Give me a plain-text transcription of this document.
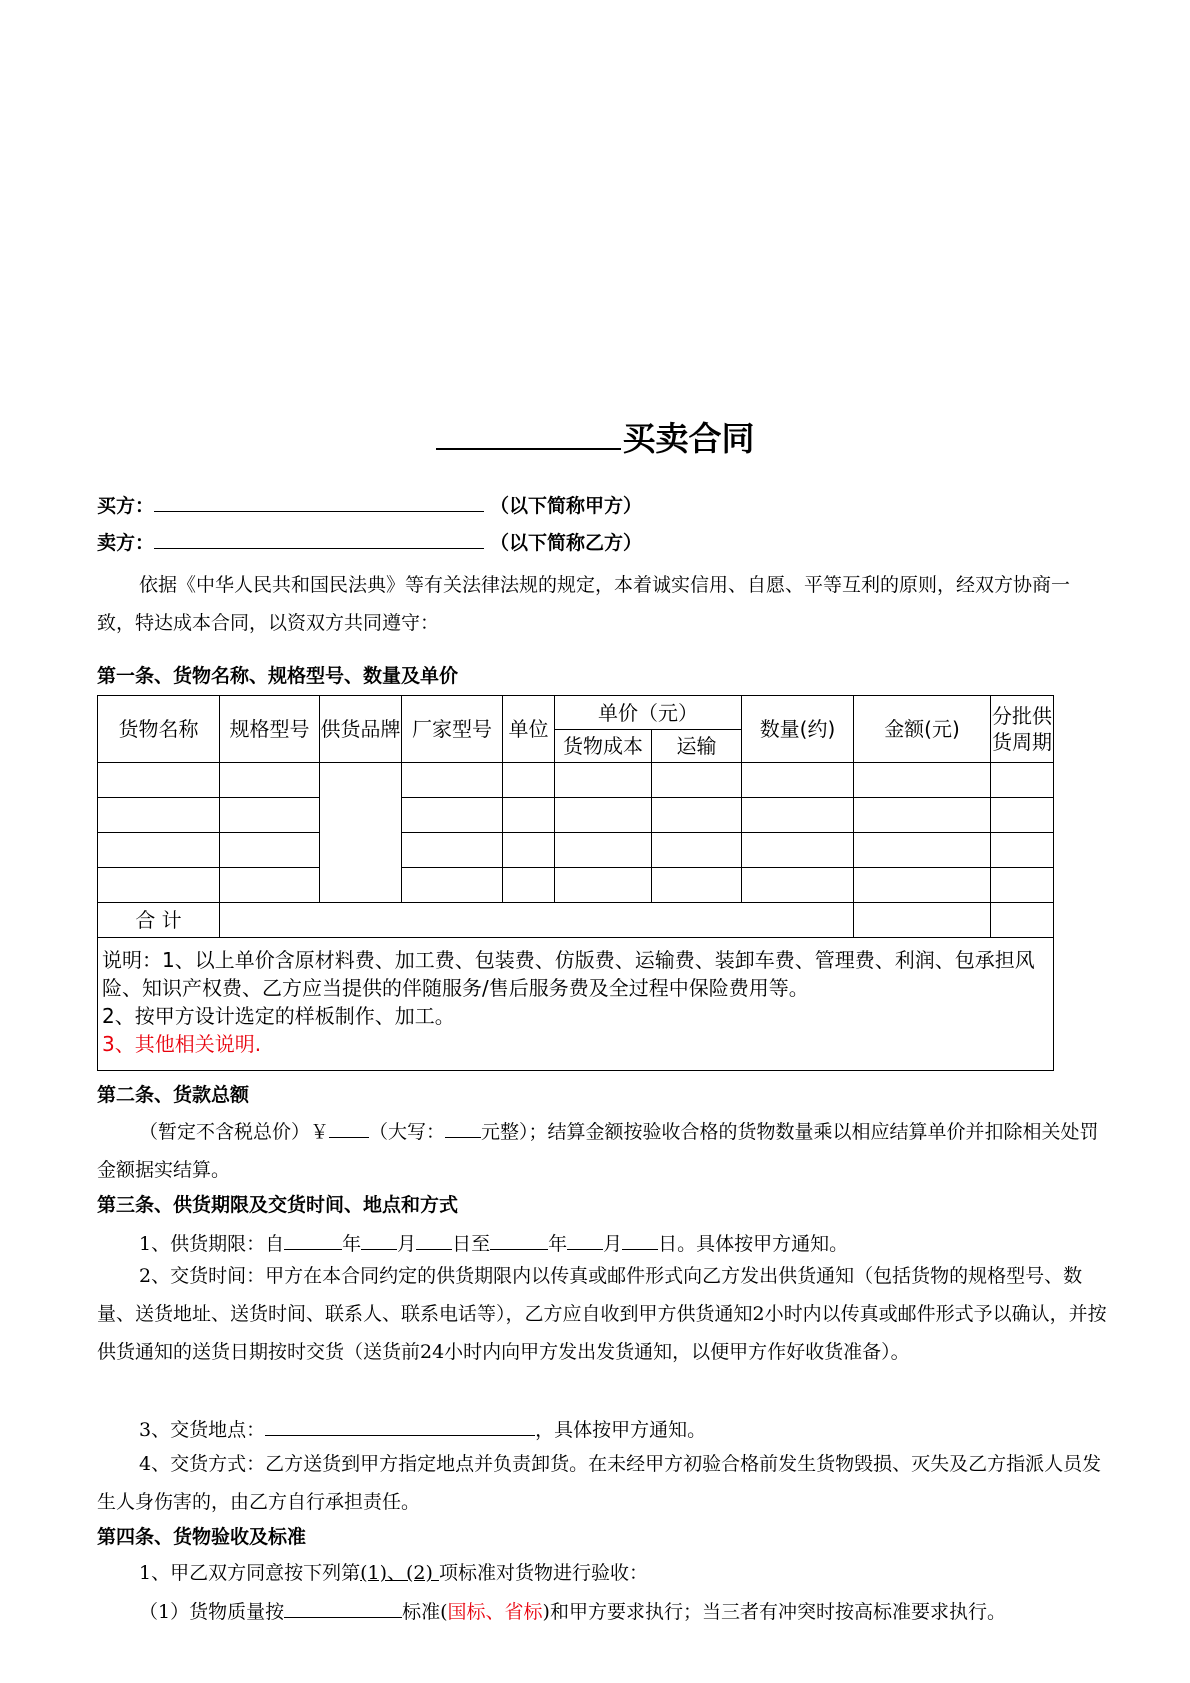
买卖合同
买方：	（以下简称甲方）
卖方：	（以下简称乙方）
依据《中华人民共和国民法典》等有关法律法规的规定，本着诚实信用、自愿、平等互利的原则，经双方协商一致，特达成本合同，以资双方共同遵守：
第一条、货物名称、规格型号、数量及单价
货物名称	规格型号	供货品牌	厂家型号	单位	单价（元）		数量(约)	金额(元)	分批供货周期
					货物成本	运输			

合 计									
说明：1、以上单价含原材料费、加工费、包装费、仿版费、运输费、装卸车费、管理费、利润、包承担风险、知识产权费、乙方应当提供的伴随服务/售后服务费及全过程中保险费用等。
2、按甲方设计选定的样板制作、加工。
3、其他相关说明.									
第二条、货款总额
（暂定不含税总价）￥ （大写： 元整）；结算金额按验收合格的货物数量乘以相应结算单价并扣除相关处罚金额据实结算。
第三条、供货期限及交货时间、地点和方式
1、供货期限：自	年 月 日至	年 月 日。具体按甲方通知。
2、交货时间：甲方在本合同约定的供货期限内以传真或邮件形式向乙方发出供货通知（包括货物的规格型号、数量、送货地址、送货时间、联系人、联系电话等），乙方应自收到甲方供货通知2小时内以传真或邮件形式予以确认，并按供货通知的送货日期按时交货（送货前24小时内向甲方发出发货通知，以便甲方作好收货准备）。
3、交货地点：	，具体按甲方通知。
4、交货方式：乙方送货到甲方指定地点并负责卸货。在未经甲方初验合格前发生货物毁损、灭失及乙方指派人员发生人身伤害的，由乙方自行承担责任。
第四条、货物验收及标准
1、甲乙双方同意按下列第(1)、(2) 项标准对货物进行验收：
（1）货物质量按	标准(国标、省标)和甲方要求执行；当三者有冲突时按高标准要求执行。
